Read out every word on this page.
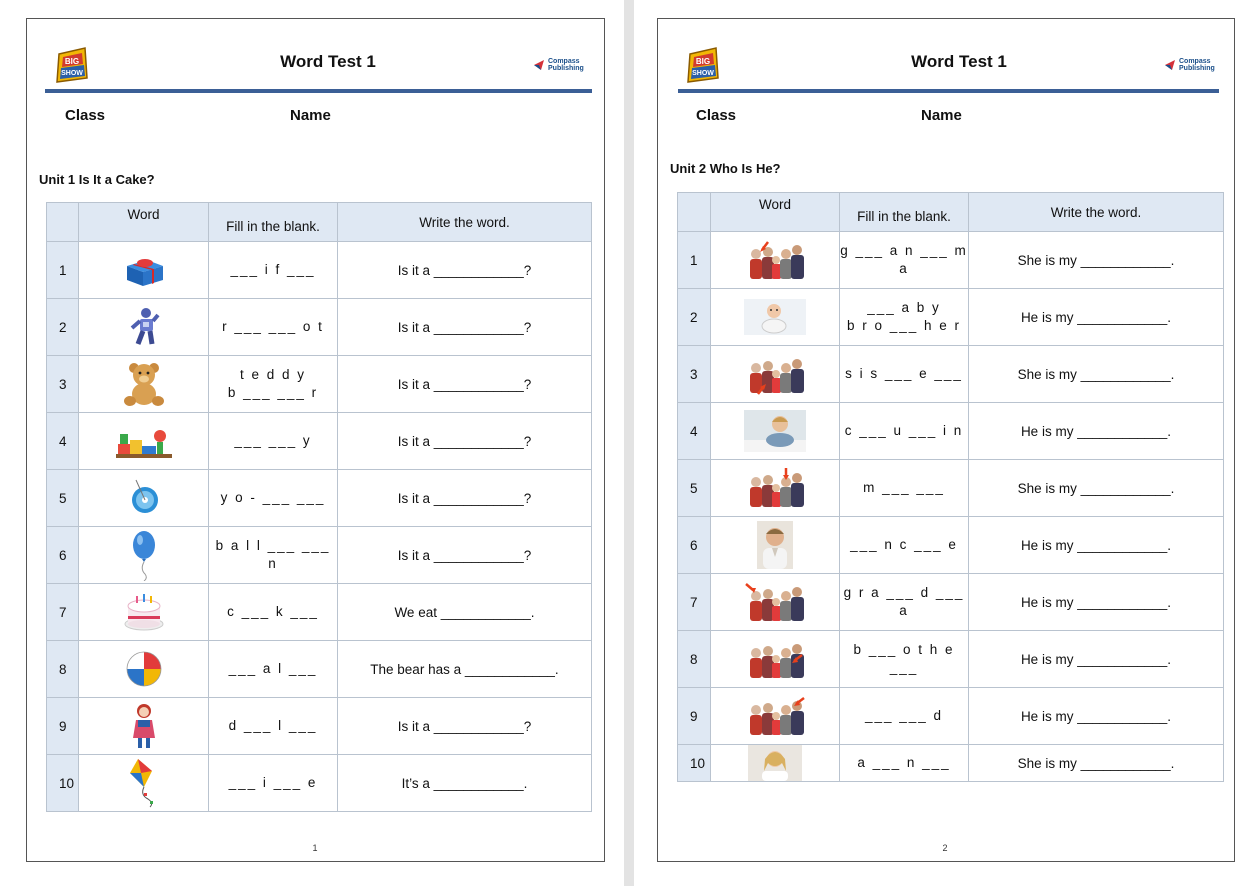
BIG
SHOW
Word Test 1	Compass
Publishing
Class	Name
Unit 1 Is It a Cake?
	Word	Fill in the blank.	Write the word.
1		___ i f ___	Is it a ____________?
2		r ___ ___ o t	Is it a ____________?
3		t e d d y
b ___ ___ r	Is it a ____________?
4		___ ___ y	Is it a ____________?
5		y o - ___ ___	Is it a ____________?
6		b a l l ___ ___ n	Is it a ____________?
7		c ___ k ___	We eat ____________.
8		___ a l ___	The bear has a ____________.
9		d ___ l ___	Is it a ____________?
10		___ i ___ e	It’s a ____________.
1
BIG
SHOW
Word Test 1	Compass
Publishing
Class	Name
Unit 2 Who Is He?
	Word	Fill in the blank.	Write the word.
1		g ___ a n ___ m
a	She is my ____________.
2		___ a b y
b r o ___ h e r	He is my ____________.
3		s i s ___ e ___	She is my ____________.
4		c ___ u ___ i n	He is my ____________.
5		m ___ ___	She is my ____________.
6		___ n c ___ e	He is my ____________.
7		g r a ___ d ___ a	He is my ____________.
8		b ___ o t h e ___	He is my ____________.
9		___ ___ d	He is my ____________.
10		a ___ n ___	She is my ____________.
2
